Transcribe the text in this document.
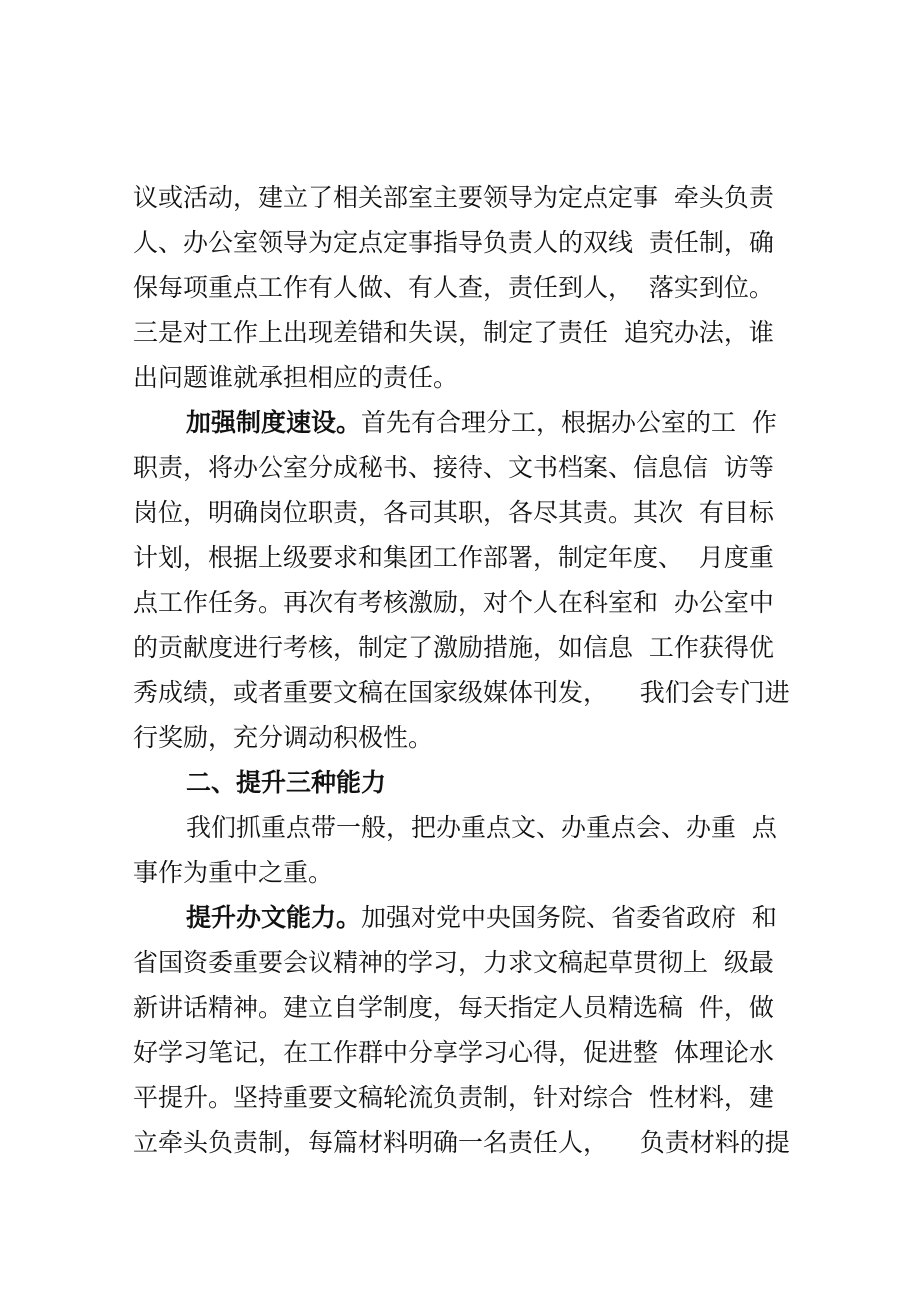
议或活动，建立了相关部室主要领导为定点定事  牵头负责
人、办公室领导为定点定事指导负责人的双线  责任制，确
保每项重点工作有人做、有人查，责任到人，  落实到位。
三是对工作上出现差错和失误，制定了责任  追究办法，谁
出问题谁就承担相应的责任。
加强制度速设。首先有合理分工，根据办公室的工  作
职责，将办公室分成秘书、接待、文书档案、信息信  访等
岗位，明确岗位职责，各司其职，各尽其责。其次  有目标
计划，根据上级要求和集团工作部署，制定年度、  月度重
点工作任务。再次有考核激励，对个人在科室和  办公室中
的贡献度进行考核，制定了激励措施，如信息  工作获得优
秀成绩，或者重要文稿在国家级媒体刊发，    我们会专门进
行奖励，充分调动积极性。
二、提升三种能力
我们抓重点带一般，把办重点文、办重点会、办重  点
事作为重中之重。
提升办文能力。加强对党中央国务院、省委省政府  和
省国资委重要会议精神的学习，力求文稿起草贯彻上  级最
新讲话精神。建立自学制度，每天指定人员精选稿  件，做
好学习笔记，在工作群中分享学习心得，促进整  体理论水
平提升。坚持重要文稿轮流负责制，针对综合  性材料，建
立牵头负责制，每篇材料明确一名责任人，    负责材料的提
